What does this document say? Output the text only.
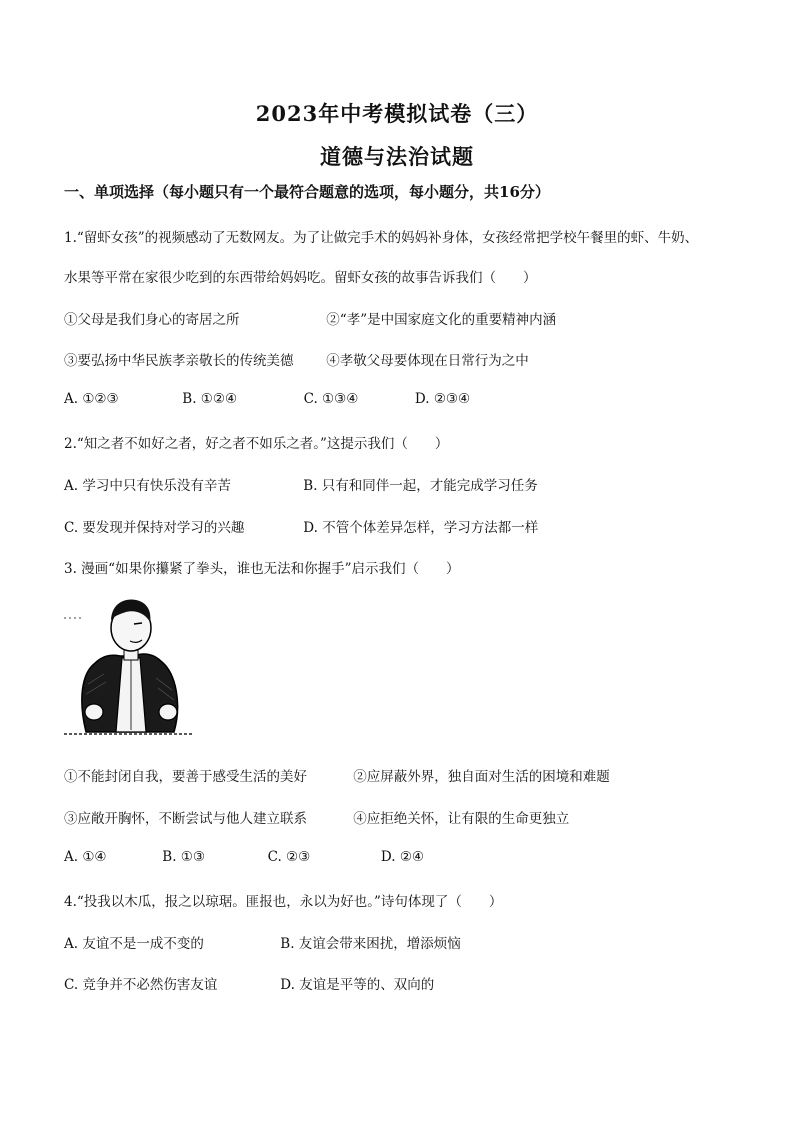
2023年中考模拟试卷（三）
道德与法治试题
一、单项选择（每小题只有一个最符合题意的选项，每小题分，共16分）
1.“留虾女孩”的视频感动了无数网友。为了让做完手术的妈妈补身体，女孩经常把学校午餐里的虾、牛奶、
水果等平常在家很少吃到的东西带给妈妈吃。留虾女孩的故事告诉我们（　　）
①父母是我们身心的寄居之所	②“孝”是中国家庭文化的重要精神内涵
③要弘扬中华民族孝亲敬长的传统美德 ④孝敬父母要体现在日常行为之中
A. ①②③	B. ①②④	C. ①③④	D. ②③④
2.“知之者不如好之者，好之者不如乐之者。”这提示我们（　　）
A. 学习中只有快乐没有辛苦	B. 只有和同伴一起，才能完成学习任务
C. 要发现并保持对学习的兴趣	D. 不管个体差异怎样，学习方法都一样
3. 漫画“如果你攥紧了拳头，谁也无法和你握手”启示我们（　　）
①不能封闭自我，要善于感受生活的美好	②应屏蔽外界，独自面对生活的困境和难题
③应敞开胸怀，不断尝试与他人建立联系	④应拒绝关怀，让有限的生命更独立
A. ①④	B. ①③	C. ②③	D. ②④
4.“投我以木瓜，报之以琼琚。匪报也，永以为好也。”诗句体现了（　　）
A. 友谊不是一成不变的	B. 友谊会带来困扰，增添烦恼
C. 竞争并不必然伤害友谊	D. 友谊是平等的、双向的
